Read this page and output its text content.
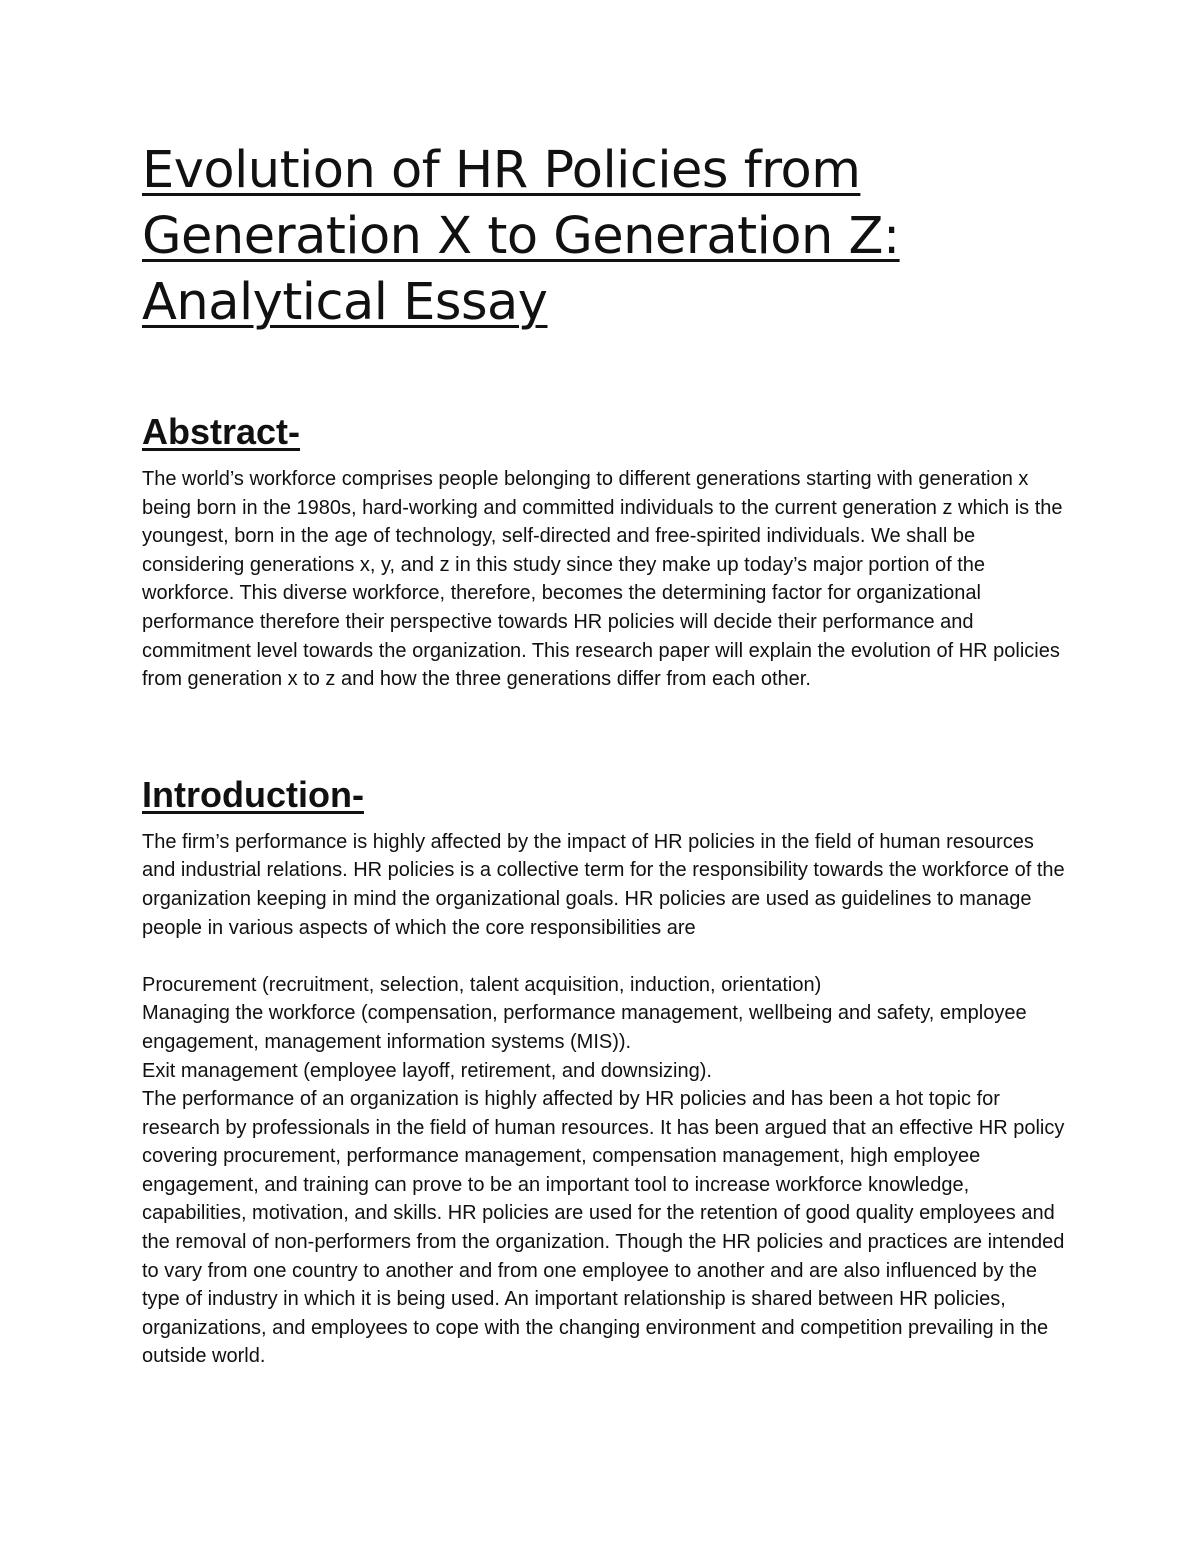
Evolution of HR Policies from Generation X to Generation Z: Analytical Essay
Abstract-

The world’s workforce comprises people belonging to different generations starting with generation x being born in the 1980s, hard-working and committed individuals to the current generation z which is the youngest, born in the age of technology, self-directed and free-spirited individuals. We shall be considering generations x, y, and z in this study since they make up today’s major portion of the workforce. This diverse workforce, therefore, becomes the determining factor for organizational performance therefore their perspective towards HR policies will decide their performance and commitment level towards the organization. This research paper will explain the evolution of HR policies from generation x to z and how the three generations differ from each other.

Introduction-

The firm’s performance is highly affected by the impact of HR policies in the field of human resources and industrial relations. HR policies is a collective term for the responsibility towards the workforce of the organization keeping in mind the organizational goals. HR policies are used as guidelines to manage people in various aspects of which the core responsibilities are

Procurement (recruitment, selection, talent acquisition, induction, orientation)

Managing the workforce (compensation, performance management, wellbeing and safety, employee engagement, management information systems (MIS)).

Exit management (employee layoff, retirement, and downsizing).

The performance of an organization is highly affected by HR policies and has been a hot topic for research by professionals in the field of human resources. It has been argued that an effective HR policy covering procurement, performance management, compensation management, high employee engagement, and training can prove to be an important tool to increase workforce knowledge, capabilities, motivation, and skills. HR policies are used for the retention of good quality employees and the removal of non-performers from the organization. Though the HR policies and practices are intended to vary from one country to another and from one employee to another and are also influenced by the type of industry in which it is being used. An important relationship is shared between HR policies, organizations, and employees to cope with the changing environment and competition prevailing in the outside world.
